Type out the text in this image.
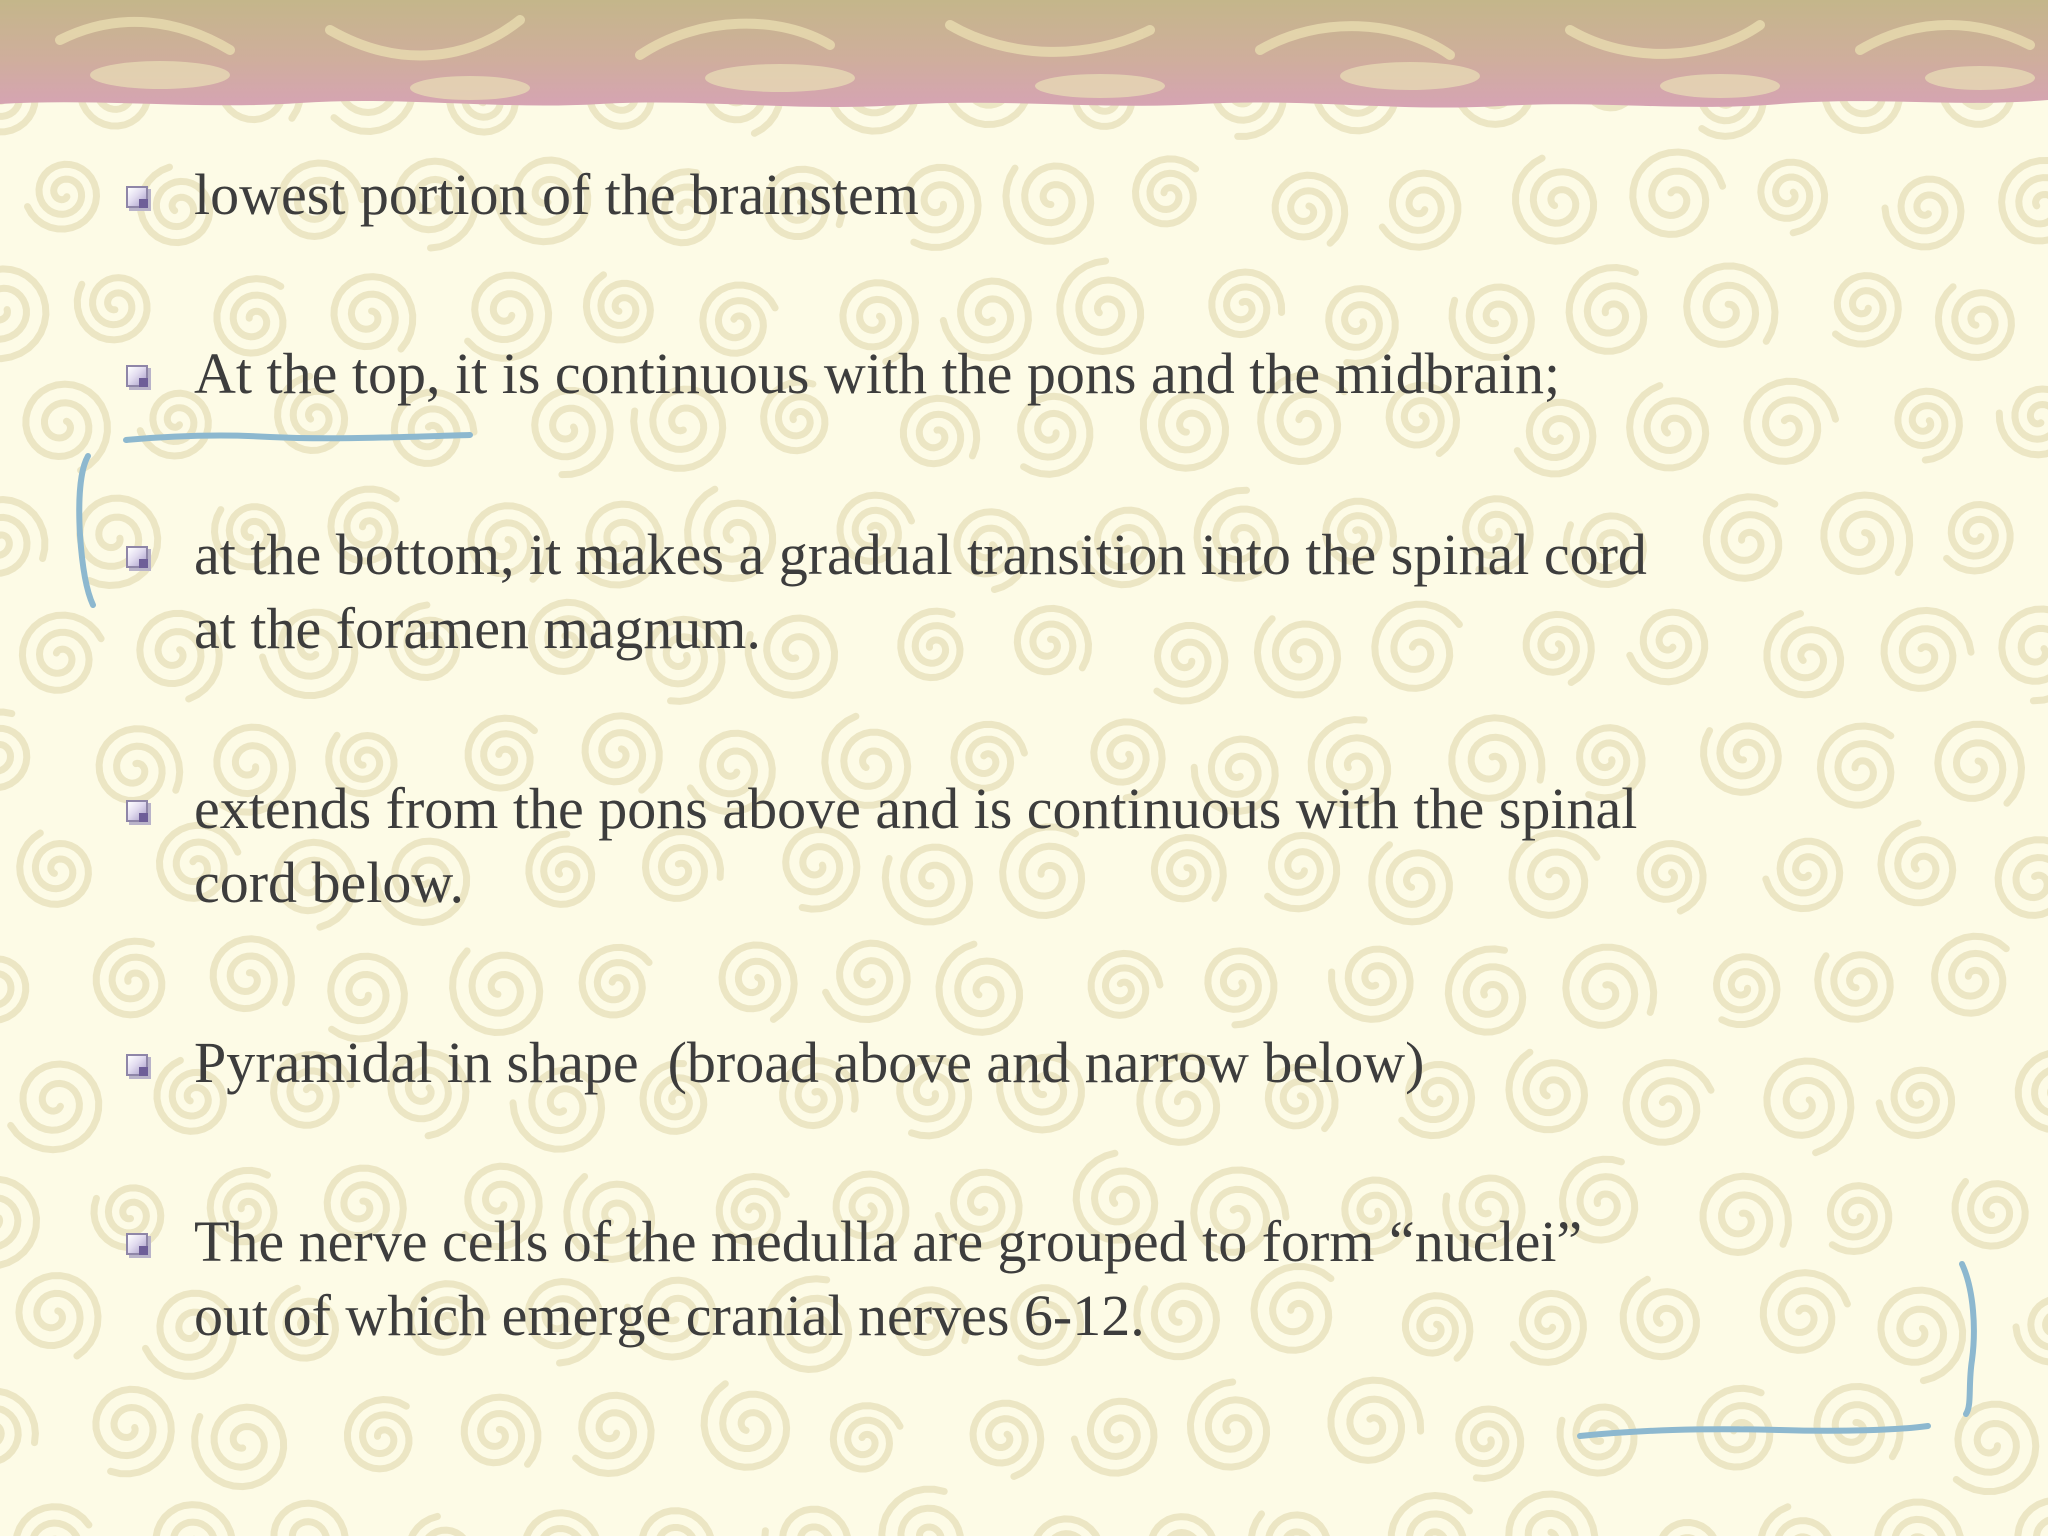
lowest portion of the brainstem
At the top, it is continuous with the pons and the midbrain;
at the bottom, it makes a gradual transition into the spinal cord
at the foramen magnum.
extends from the pons above and is continuous with the spinal
cord below.
Pyramidal in shape  (broad above and narrow below)
The nerve cells of the medulla are grouped to form “nuclei”
out of which emerge cranial nerves 6-12.
